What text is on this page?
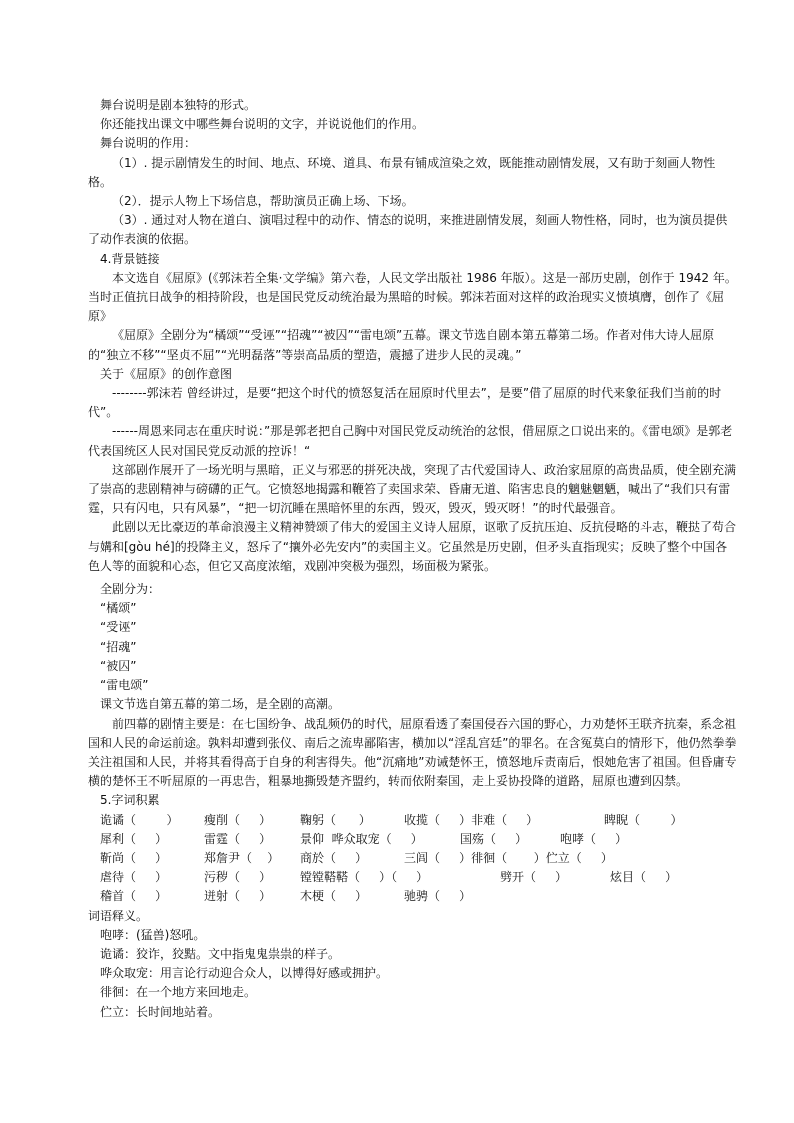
舞台说明是剧本独特的形式。

你还能找出课文中哪些舞台说明的文字，并说说他们的作用。

舞台说明的作用：

（1）. 提示剧情发生的时间、地点、环境、道具、布景有铺成渲染之效，既能推动剧情发展，又有助于刻画人物性格。

（2）．提示人物上下场信息，帮助演员正确上场、下场。

（3）. 通过对人物在道白、演唱过程中的动作、情态的说明，来推进剧情发展，刻画人物性格，同时，也为演员提供了动作表演的依据。

4.背景链接

本文选自《屈原》(《郭沫若全集·文学编》第六卷，人民文学出版社 1986 年版）。这是一部历史剧，创作于 1942 年。当时正值抗日战争的相持阶段，也是国民党反动统治最为黑暗的时候。郭沫若面对这样的政治现实义愤填膺，创作了《屈原》

《屈原》全剧分为“橘颂”“受诬”“招魂”“被囚”“雷电颂”五幕。课文节选自剧本第五幕第二场。作者对伟大诗人屈原的“独立不移”“坚贞不屈”“光明磊落”等崇高品质的塑造，震撼了进步人民的灵魂。”

关于《屈原》的创作意图

--------郭沫若 曾经讲过，是要“把这个时代的愤怒复活在屈原时代里去”，是要”借了屈原的时代来象征我们当前的时代”。

------周恩来同志在重庆时说：”那是郭老把自己胸中对国民党反动统治的忿恨，借屈原之口说出来的。《雷电颂》是郭老代表国统区人民对国民党反动派的控诉！“

这部剧作展开了一场光明与黑暗，正义与邪恶的拼死决战，突现了古代爱国诗人、政治家屈原的高贵品质，使全剧充满了崇高的悲剧精神与磅礴的正气。它愤怒地揭露和鞭笞了卖国求荣、昏庸无道、陷害忠良的魑魅魍魉，喊出了“我们只有雷霆，只有闪电，只有风暴”，“把一切沉睡在黑暗怀里的东西，毁灭，毁灭，毁灭呀！”的时代最强音。

此剧以无比豪迈的革命浪漫主义精神赞颂了伟大的爱国主义诗人屈原，讴歌了反抗压迫、反抗侵略的斗志，鞭挞了苟合与媾和[gòu hé]的投降主义，怒斥了“攘外必先安内”的卖国主义。它虽然是历史剧，但矛头直指现实；反映了整个中国各色人等的面貌和心态，但它又高度浓缩，戏剧冲突极为强烈，场面极为紧张。

全剧分为：

“橘颂”

“受诬”

“招魂”

“被囚”

“雷电颂”

课文节选自第五幕的第二场，是全剧的高潮。

前四幕的剧情主要是：在七国纷争、战乱频仍的时代，屈原看透了秦国侵吞六国的野心，力劝楚怀王联齐抗秦，系念祖国和人民的命运前途。孰料却遭到张仪、南后之流卑鄙陷害，横加以“淫乱宫廷”的罪名。在含冤莫白的情形下，他仍然拳拳关注祖国和人民，并将其看得高于自身的利害得失。他“沉痛地”劝诫楚怀王，愤怒地斥责南后，恨她危害了祖国。但昏庸专横的楚怀王不听屈原的一再忠告，粗暴地撕毁楚齐盟约，转而依附秦国，走上妥协投降的道路，屈原也遭到囚禁。

5.字词积累

诡谲（        ）	瘦削（     ）	鞠躬（      ）	收揽（     ）非难（     ）	睥睨（        ）
犀利（     ）	雷霆（     ）	景仰  哗众取宠（     ）	国殇（     ）	咆哮（     ）
靳尚（     ）	郑詹尹（    ）	商於（     ）	三闾（     ）徘徊（       ）伫立（     ）
虐待（     ）	污秽（     ）	镗镗鞳鞳（     ）（     ）	劈开（     ）	炫目（     ）
稽首（     ）	迸射（     ）	木梗（     ）	驰骋（     ）

词语释义。

咆哮：(猛兽)怒吼。

诡谲：狡诈，狡黠。文中指鬼鬼祟祟的样子。

哗众取宠：用言论行动迎合众人，以博得好感或拥护。

徘徊：在一个地方来回地走。

伫立：长时间地站着。
